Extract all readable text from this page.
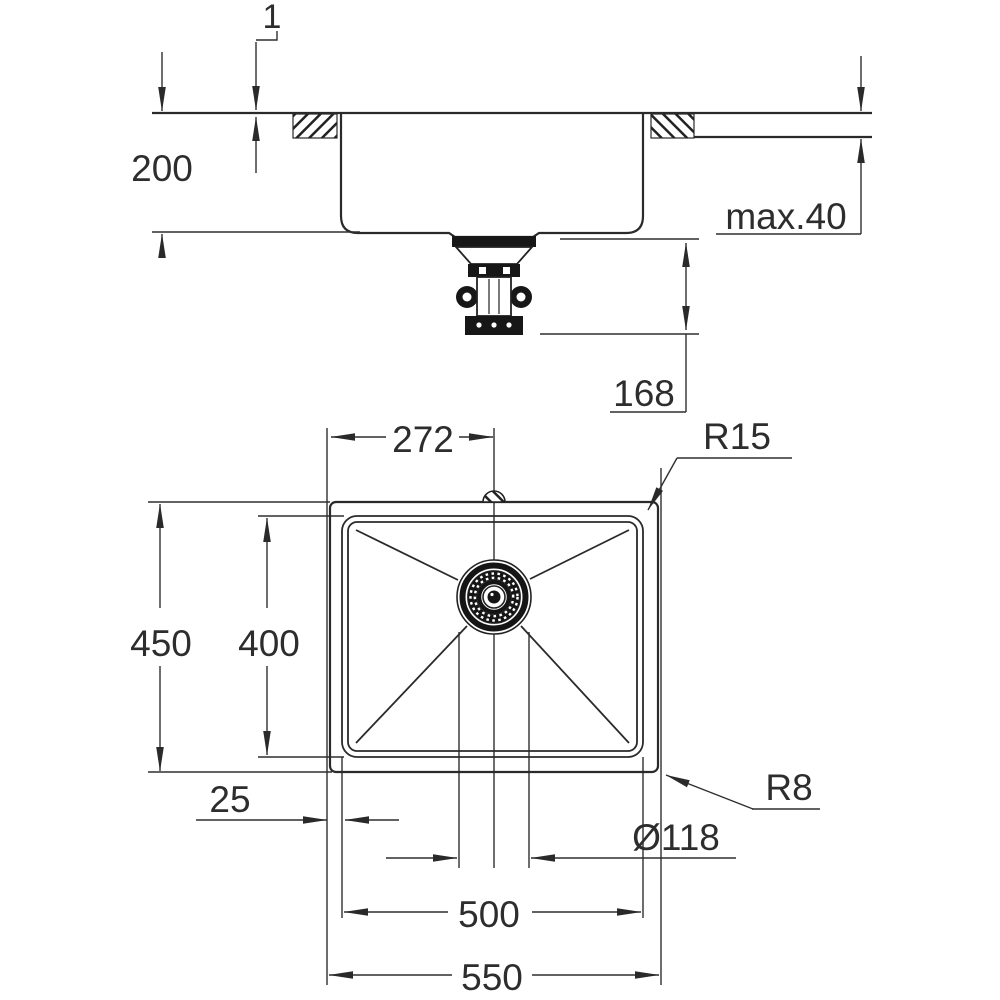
1
200
max.40
168
272	R15
450 400
25	R8
Ø118
500
550
